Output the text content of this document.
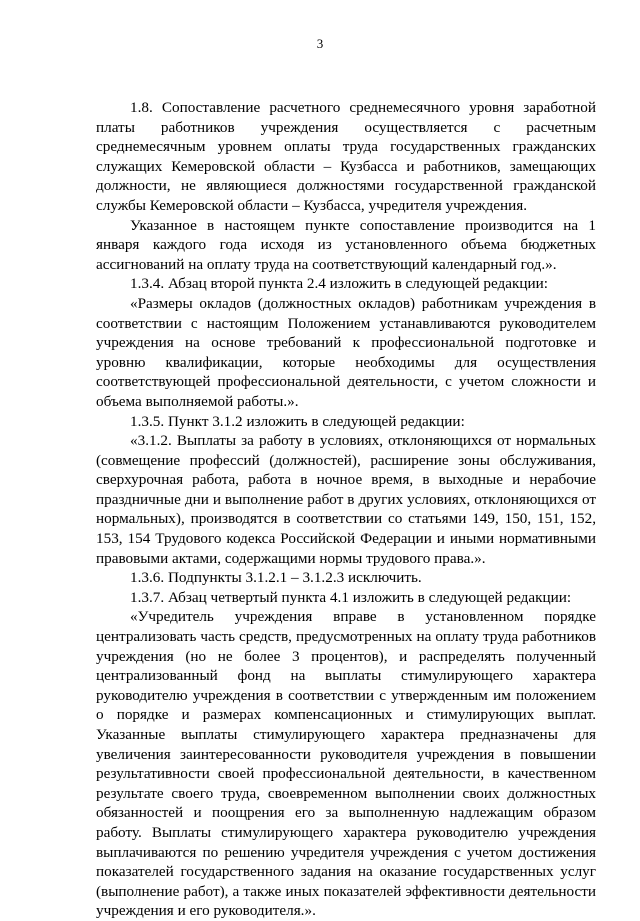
3

1.8. Сопоставление расчетного среднемесячного уровня заработной платы работников учреждения осуществляется с расчетным среднемесячным уровнем оплаты труда государственных гражданских служащих Кемеровской области – Кузбасса и работников, замещающих должности, не являющиеся должностями государственной гражданской службы Кемеровской области – Кузбасса, учредителя учреждения.

Указанное в настоящем пункте сопоставление производится на 1 января каждого года исходя из установленного объема бюджетных ассигнований на оплату труда на соответствующий календарный год.».

1.3.4. Абзац второй пункта 2.4 изложить в следующей редакции:

«Размеры окладов (должностных окладов) работникам учреждения в соответствии с настоящим Положением устанавливаются руководителем учреждения на основе требований к профессиональной подготовке и уровню квалификации, которые необходимы для осуществления соответствующей профессиональной деятельности, с учетом сложности и объема выполняемой работы.».

1.3.5. Пункт 3.1.2 изложить в следующей редакции:

«3.1.2. Выплаты за работу в условиях, отклоняющихся от нормальных (совмещение профессий (должностей), расширение зоны обслуживания, сверхурочная работа, работа в ночное время, в выходные и нерабочие праздничные дни и выполнение работ в других условиях, отклоняющихся от нормальных), производятся в соответствии со статьями 149, 150, 151, 152, 153, 154 Трудового кодекса Российской Федерации и иными нормативными правовыми актами, содержащими нормы трудового права.».

1.3.6. Подпункты 3.1.2.1 – 3.1.2.3 исключить.

1.3.7. Абзац четвертый пункта 4.1 изложить в следующей редакции:

«Учредитель учреждения вправе в установленном порядке централизовать часть средств, предусмотренных на оплату труда работников учреждения (но не более 3 процентов), и распределять полученный централизованный фонд на выплаты стимулирующего характера руководителю учреждения в соответствии с утвержденным им положением о порядке и размерах компенсационных и стимулирующих выплат. Указанные выплаты стимулирующего характера предназначены для увеличения заинтересованности руководителя учреждения в повышении результативности своей профессиональной деятельности, в качественном результате своего труда, своевременном выполнении своих должностных обязанностей и поощрения его за выполненную надлежащим образом работу. Выплаты стимулирующего характера руководителю учреждения выплачиваются по решению учредителя учреждения с учетом достижения показателей государственного задания на оказание государственных услуг (выполнение работ), а также иных показателей эффективности деятельности учреждения и его руководителя.».
